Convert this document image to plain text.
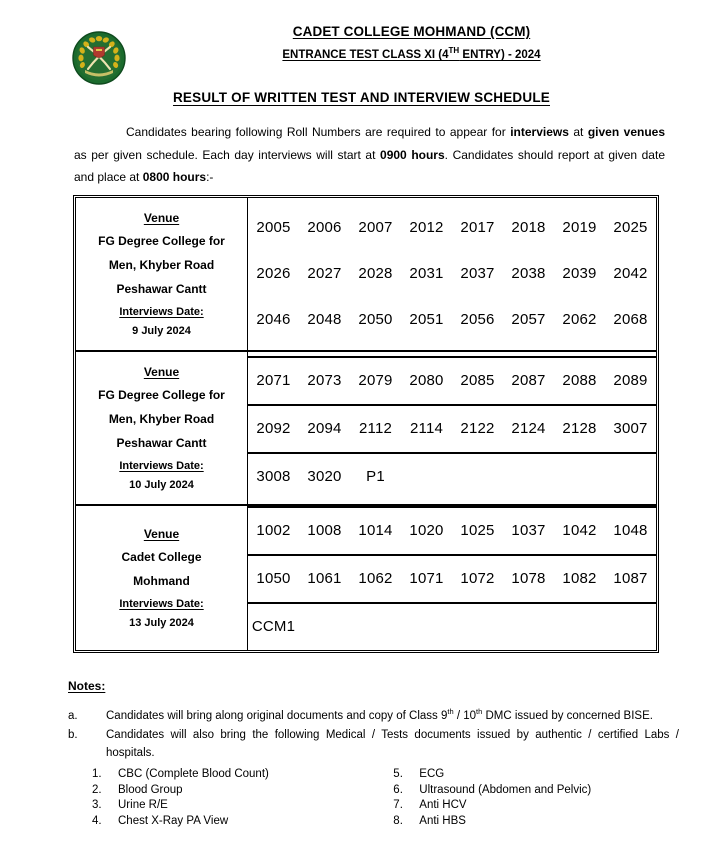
CADET COLLEGE MOHMAND (CCM)
ENTRANCE TEST CLASS XI (4TH ENTRY) - 2024
RESULT OF WRITTEN TEST AND INTERVIEW SCHEDULE
Candidates bearing following Roll Numbers are required to appear for interviews at given venues as per given schedule. Each day interviews will start at 0900 hours. Candidates should report at given date and place at 0800 hours:-
Venue
FG Degree College for
Men, Khyber Road
Peshawar Cantt
Interviews Date:
9 July 2024

2005	2006	2007	2012	2017	2018	2019	2025
2026	2027	2028	2031	2037	2038	2039	2042
2046	2048	2050	2051	2056	2057	2062	2068

Venue
FG Degree College for
Men, Khyber Road
Peshawar Cantt
Interviews Date:
10 July 2024

2071	2073	2079	2080	2085	2087	2088	2089
2092	2094	2112	2114	2122	2124	2128	3007
3008	3020	P1					

Venue
Cadet College
Mohmand
Interviews Date:
13 July 2024

1002	1008	1014	1020	1025	1037	1042	1048
1050	1061	1062	1071	1072	1078	1082	1087
CCM1							
Notes:
a.	Candidates will bring along original documents and copy of Class 9th / 10th DMC issued by concerned BISE.
b.	Candidates will also bring the following Medical / Tests documents issued by authentic / certified Labs / hospitals.
1.	CBC (Complete Blood Count)
2.	Blood Group
3.	Urine R/E
4.	Chest X-Ray PA View
5.	ECG
6.	Ultrasound (Abdomen and Pelvic)
7.	Anti HCV
8.	Anti HBS
